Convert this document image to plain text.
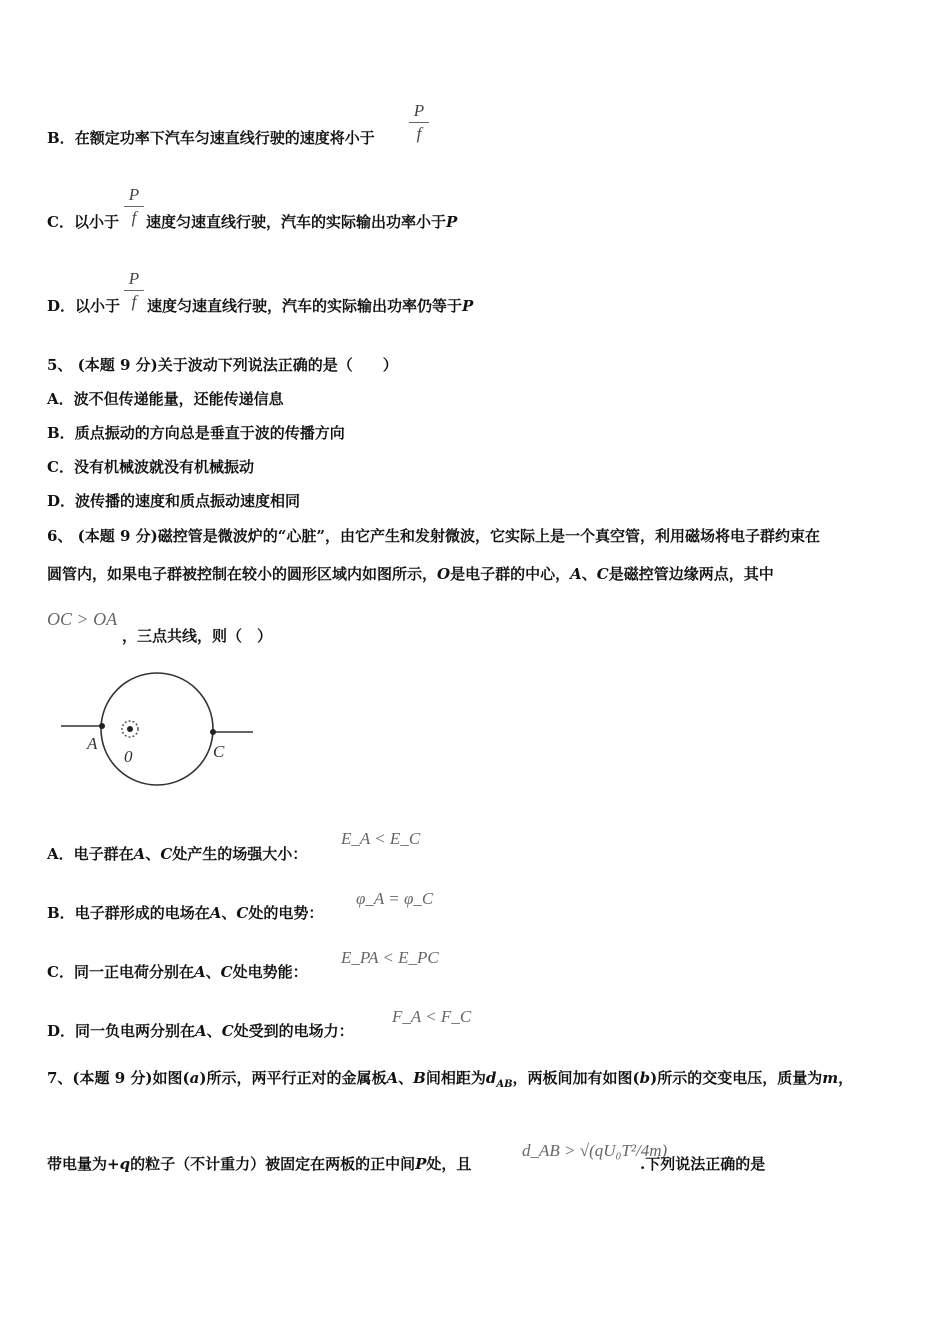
B．在额定功率下汽车匀速直线行驶的速度将小于 $\frac{P}{f}$
C．以小于 速度匀速直线行驶，汽车的实际输出功率小于P
$\frac{P}{f}$
D．以小于 速度匀速直线行驶，汽车的实际输出功率仍等于P
$\frac{P}{f}$
5、 (本题 9 分)关于波动下列说法正确的是（　　）
A．波不但传递能量，还能传递信息
B．质点振动的方向总是垂直于波的传播方向
C．没有机械波就没有机械振动
D．波传播的速度和质点振动速度相同
6、 (本题 9 分)磁控管是微波炉的“心脏”，由它产生和发射微波，它实际上是一个真空管，利用磁场将电子群约束在
圆管内，如果电子群被控制在较小的圆形区域内如图所示，O是电子群的中心，A、C是磁控管边缘两点，其中
OC > OA
，三点共线，则（　）
A
0	C
A．电子群在A、C处产生的场强大小：
E_A < E_C
B．电子群形成的电场在A、C处的电势：
φ_A = φ_C
C．同一正电荷分别在A、C处电势能：
E_PA < E_PC
D．同一负电两分别在A、C处受到的电场力：
F_A < F_C
7、(本题 9 分)如图(a)所示，两平行正对的金属板A、B间相距为$d_{AB}$，两板间加有如图(b)所示的交变电压，质量为m，
带电量为+q的粒子（不计重力）被固定在两板的正中间P处，且
d_AB > √(qU₀T²/4m)
.下列说法正确的是
